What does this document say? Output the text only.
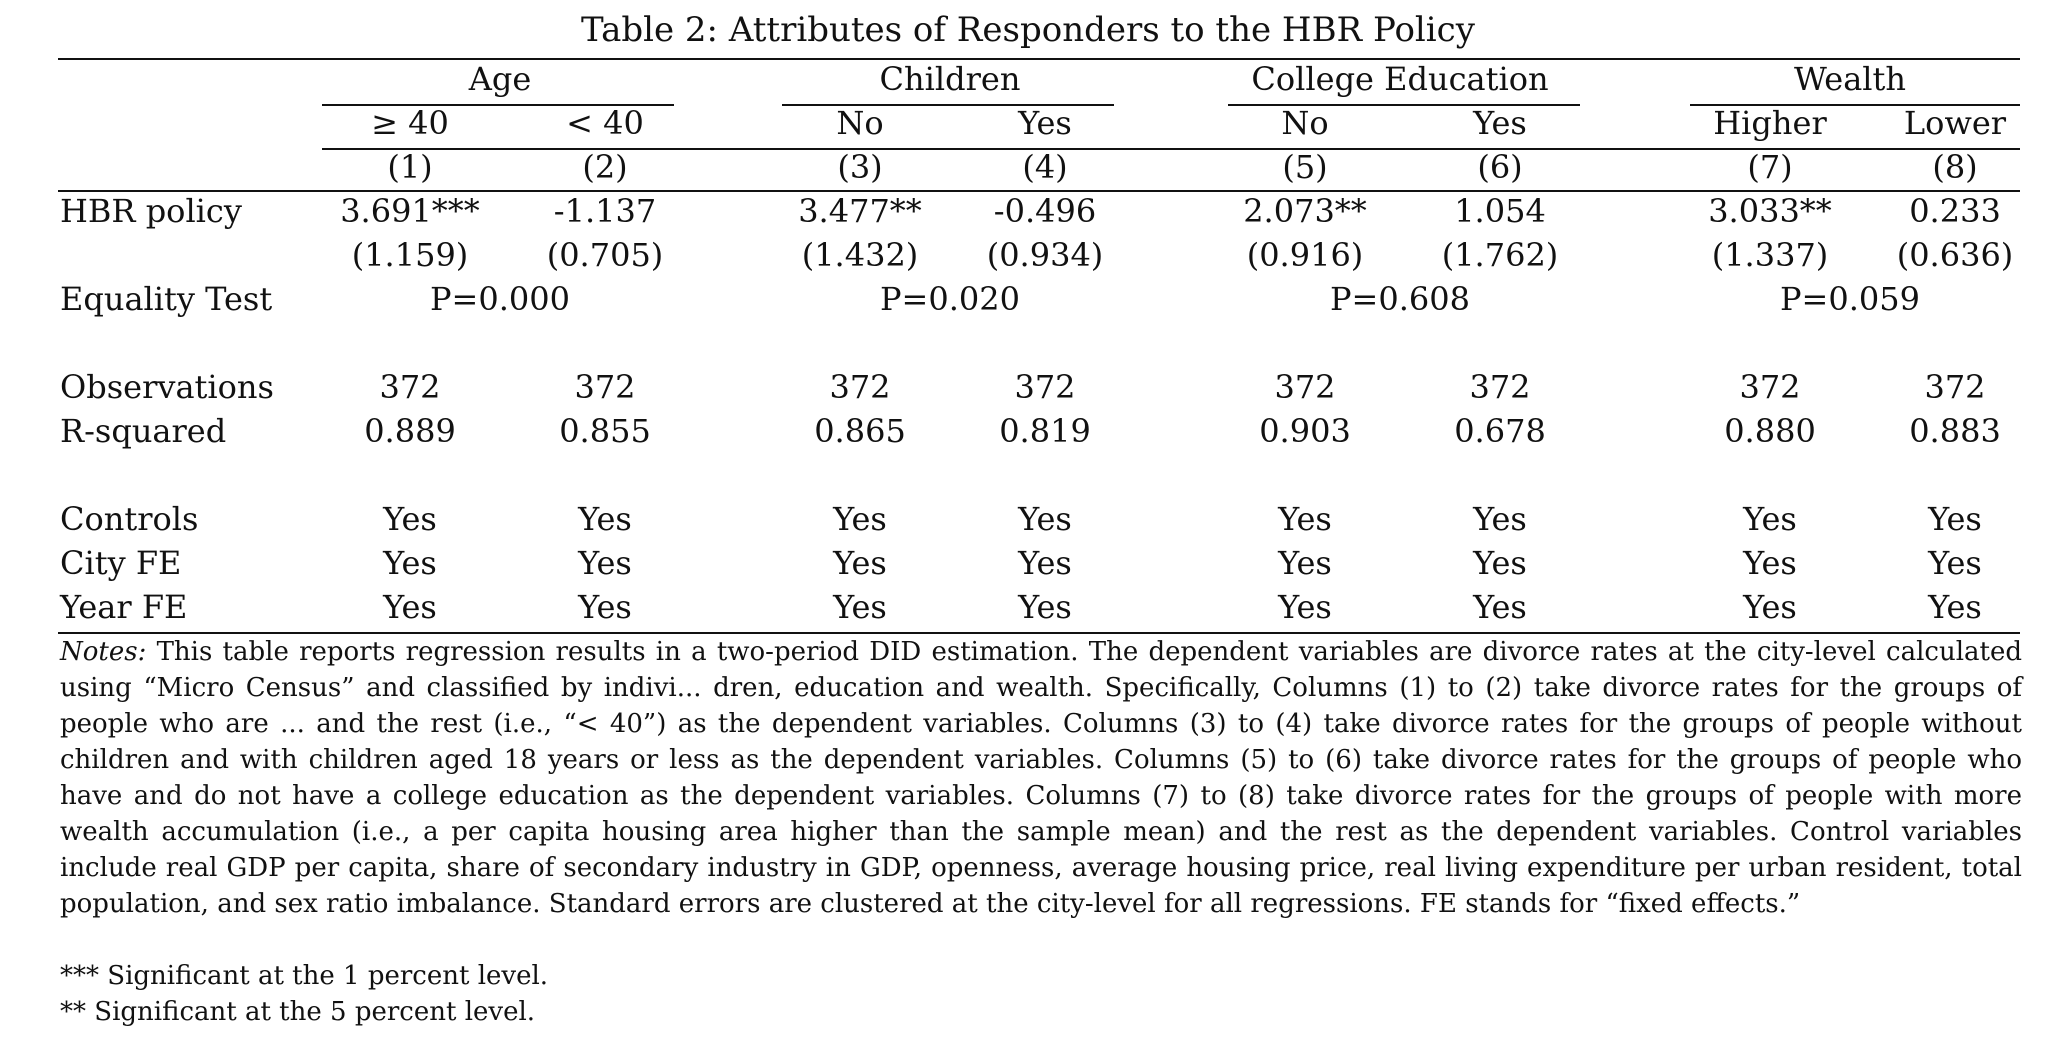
Table 2: Attributes of Responders to the HBR Policy
Age	Children	College Education	Wealth
≥ 40	< 40	No	Yes	No	Yes	Higher Lower
(1)	(2)	(3)	(4)	(5)	(6)	(7)	(8)
HBR policy	3.691*** -1.137	3.477** -0.496	2.073**	1.054	3.033** 0.233
(1.159) (0.705)	(1.432) (0.934)	(0.916) (1.762)	(1.337) (0.636)
Equality Test	P=0.000	P=0.020	P=0.608	P=0.059
Observations	372	372	372	372	372	372	372	372
R-squared	0.889	0.855	0.865	0.819	0.903	0.678	0.880	0.883
Controls	Yes	Yes	Yes	Yes	Yes	Yes	Yes	Yes
City FE	Yes	Yes	Yes	Yes	Yes	Yes	Yes	Yes
Year FE	Yes	Yes	Yes	Yes	Yes	Yes	Yes	Yes
Notes: This table reports regression results in a two-period DID estimation. The dependent variables are divorce rates at the city-level calculated using “Micro Census” and classified by indivi... dren, education and wealth. Specifically, Columns (1) to (2) take divorce rates for the groups of people who are ... and the rest (i.e., “< 40”) as the dependent variables. Columns (3) to (4) take divorce rates for the groups of people without children and with children aged 18 years or less as the dependent variables. Columns (5) to (6) take divorce rates for the groups of people who have and do not have a college education as the dependent variables. Columns (7) to (8) take divorce rates for the groups of people with more wealth accumulation (i.e., a per capita housing area higher than the sample mean) and the rest as the dependent variables. Control variables include real GDP per capita, share of secondary industry in GDP, openness, average housing price, real living expenditure per urban resident, total population, and sex ratio imbalance. Standard errors are clustered at the city-level for all regressions. FE stands for “fixed effects.”
*** Significant at the 1 percent level.
** Significant at the 5 percent level.
